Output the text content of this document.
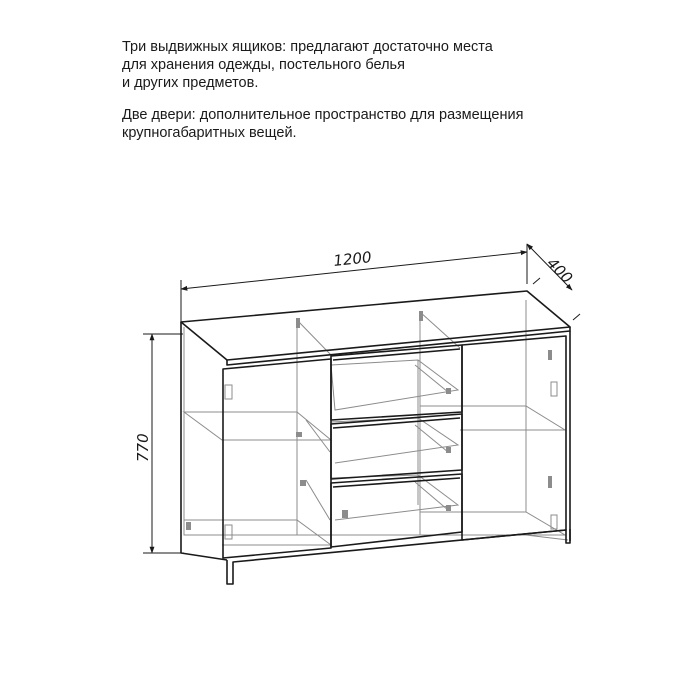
Три выдвижных ящиков: предлагают достаточно места
для хранения одежды, постельного белья
и других предметов.

Две двери: дополнительное пространство для размещения
крупногабаритных вещей.

1200	400
770
